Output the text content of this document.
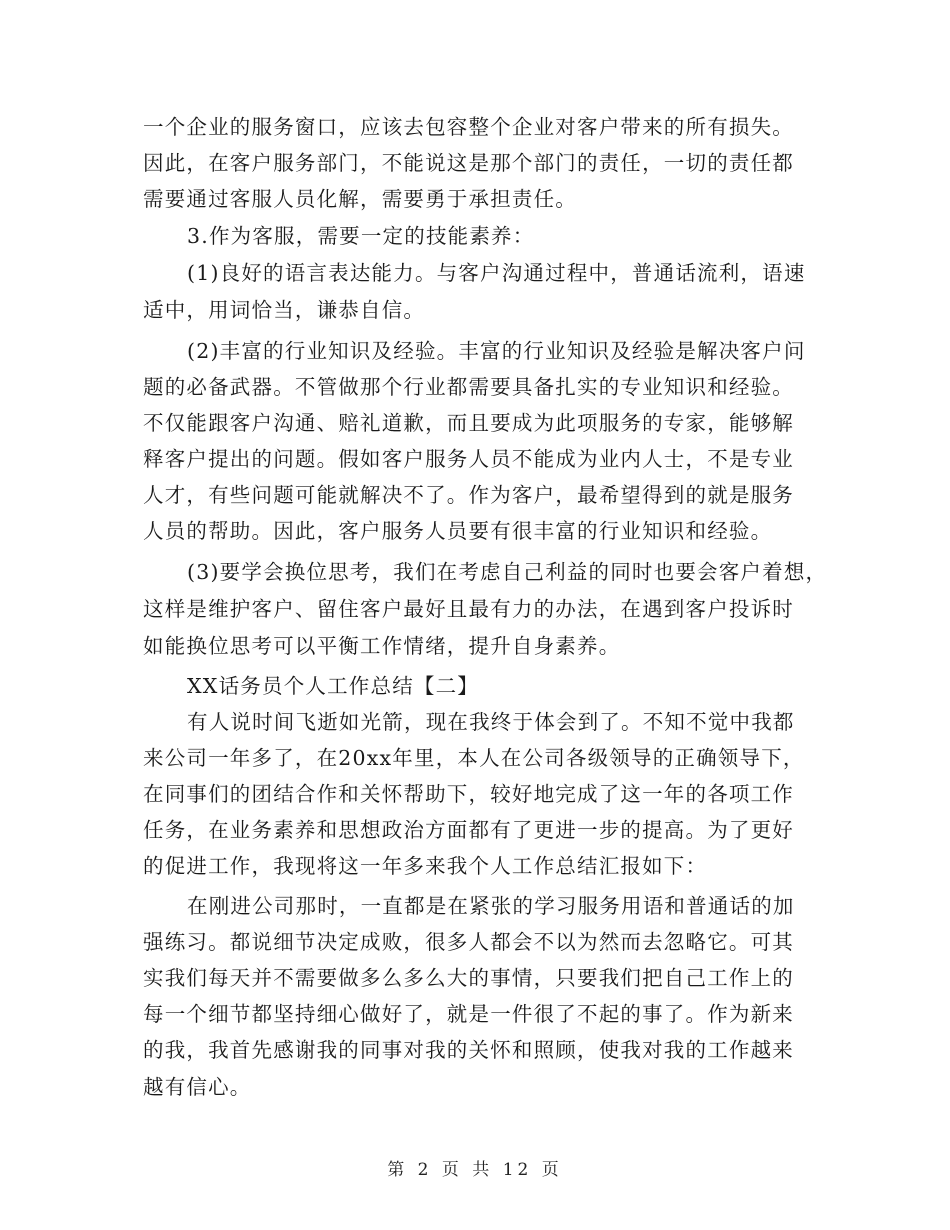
一个企业的服务窗口，应该去包容整个企业对客户带来的所有损失。
因此，在客户服务部门，不能说这是那个部门的责任，一切的责任都
需要通过客服人员化解，需要勇于承担责任。
3.作为客服，需要一定的技能素养：
(1)良好的语言表达能力。与客户沟通过程中，普通话流利，语速
适中，用词恰当，谦恭自信。
(2)丰富的行业知识及经验。丰富的行业知识及经验是解决客户问
题的必备武器。不管做那个行业都需要具备扎实的专业知识和经验。
不仅能跟客户沟通、赔礼道歉，而且要成为此项服务的专家，能够解
释客户提出的问题。假如客户服务人员不能成为业内人士，不是专业
人才，有些问题可能就解决不了。作为客户，最希望得到的就是服务
人员的帮助。因此，客户服务人员要有很丰富的行业知识和经验。
(3)要学会换位思考，我们在考虑自己利益的同时也要会客户着想，
这样是维护客户、留住客户最好且最有力的办法，在遇到客户投诉时
如能换位思考可以平衡工作情绪，提升自身素养。
XX话务员个人工作总结【二】
有人说时间飞逝如光箭，现在我终于体会到了。不知不觉中我都
来公司一年多了，在20xx年里，本人在公司各级领导的正确领导下，
在同事们的团结合作和关怀帮助下，较好地完成了这一年的各项工作
任务，在业务素养和思想政治方面都有了更进一步的提高。为了更好
的促进工作，我现将这一年多来我个人工作总结汇报如下：
在刚进公司那时，一直都是在紧张的学习服务用语和普通话的加
强练习。都说细节决定成败，很多人都会不以为然而去忽略它。可其
实我们每天并不需要做多么多么大的事情，只要我们把自己工作上的
每一个细节都坚持细心做好了，就是一件很了不起的事了。作为新来
的我，我首先感谢我的同事对我的关怀和照顾，使我对我的工作越来
越有信心。
第 2 页 共 12 页
